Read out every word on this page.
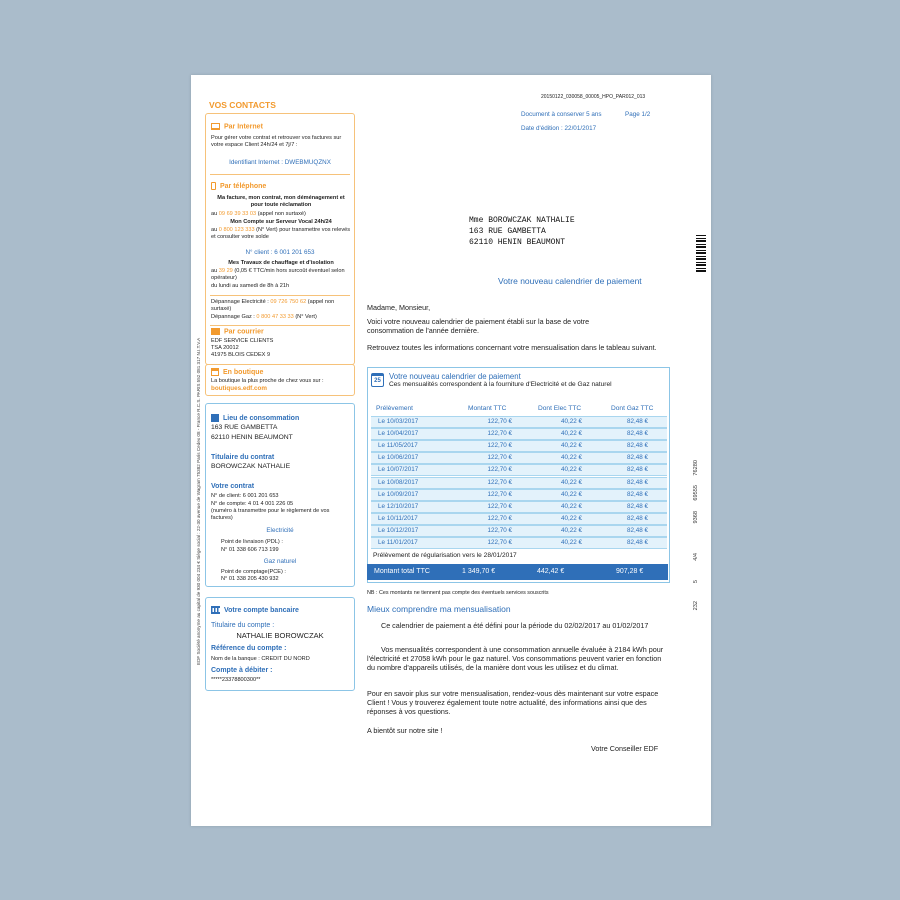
20150122_030058_00005_HPO_PAR012_013
Document à conserver 5 ans	Page 1/2
Date d'édition : 22/01/2017
VOS CONTACTS
Par Internet
Pour gérer votre contrat et retrouver vos factures sur votre espace Client 24h/24 et 7j/7 :
Identifiant Internet : DWEBMUQZNX
Par téléphone
Ma facture, mon contrat, mon déménagement et pour toute réclamation
au 09 69 39 33 03 (appel non surtaxé)
Mon Compte sur Serveur Vocal 24h/24
au 0 800 123 333 (N° Vert) pour transmettre vos relevés et consulter votre solde
N° client : 6 001 201 653
Mes Travaux de chauffage et d'isolation
au 39 29 (0,05 € TTC/min hors surcoût éventuel selon opérateur)
du lundi au samedi de 8h à 21h
Dépannage Electricité : 09 726 750 62 (appel non surtaxé)
Dépannage Gaz : 0 800 47 33 33 (N° Vert)
Par courrier
EDF SERVICE CLIENTS
TSA 20012
41975 BLOIS CEDEX 9
En boutique
La boutique la plus proche de chez vous sur :
boutiques.edf.com
Lieu de consommation
163 RUE GAMBETTA
62110 HENIN BEAUMONT
Titulaire du contrat
BOROWCZAK NATHALIE
Votre contrat
N° de client: 6 001 201 653
N° de compte: 4 01 4 001 226 05
(numéro à transmettre pour le règlement de vos factures)
Electricité
Point de livraison (PDL) :
N° 01 338 606 713 199
Gaz naturel
Point de comptage(PCE) :
N° 01 338 205 430 932
Votre compte bancaire
Titulaire du compte :
NATHALIE BOROWCZAK
Référence du compte :
Nom de la banque : CREDIT DU NORD
Compte à débiter :
*****23378800300**
EDF Société anonyme au capital de 930 004 234 € Siège social : 22-30 avenue de Wagram 75382 Paris Cedex 08 - France R.C.S. PARIS 552 081 317 N.I.T.V.A
Mme BOROWCZAK NATHALIE
163 RUE GAMBETTA
62110 HENIN BEAUMONT
Votre nouveau calendrier de paiement
Madame, Monsieur,
Voici votre nouveau calendrier de paiement établi sur la base de votre consommation de l'année dernière.
Retrouvez toutes les informations concernant votre mensualisation dans le tableau suivant.
25	Votre nouveau calendrier de paiement
Ces mensualités correspondent à la fourniture d'Electricité et de Gaz naturel
Prélèvement	Montant TTC	Dont Elec TTC	Dont Gaz TTC
Le 10/03/2017	122,70 €	40,22 €	82,48 €
Le 10/04/2017	122,70 €	40,22 €	82,48 €
Le 11/05/2017	122,70 €	40,22 €	82,48 €
Le 10/06/2017	122,70 €	40,22 €	82,48 €
Le 10/07/2017	122,70 €	40,22 €	82,48 €
Le 10/08/2017	122,70 €	40,22 €	82,48 €
Le 10/09/2017	122,70 €	40,22 €	82,48 €
Le 12/10/2017	122,70 €	40,22 €	82,48 €
Le 10/11/2017	122,70 €	40,22 €	82,48 €
Le 10/12/2017	122,70 €	40,22 €	82,48 €
Le 11/01/2017	122,70 €	40,22 €	82,48 €
Prélèvement de régularisation vers le 28/01/2017
Montant total TTC	1 349,70 €	442,42 €	907,28 €
NB : Ces montants ne tiennent pas compte des éventuels services souscrits
Mieux comprendre ma mensualisation
Ce calendrier de paiement a été défini pour la période du 02/02/2017 au 01/02/2017
Vos mensualités correspondent à une consommation annuelle évaluée à 2184 kWh pour l'électricité et 27058 kWh pour le gaz naturel. Vos consommations peuvent varier en fonction du nombre d'appareils utilisés, de la manière dont vous les utilisez et du climat.
Pour en savoir plus sur votre mensualisation, rendez-vous dès maintenant sur votre espace Client ! Vous y trouverez également toute notre actualité, des informations ainsi que des réponses à vos questions.
A bientôt sur notre site !
Votre Conseiller EDF
76280
69555
9368
4/4
5
232
